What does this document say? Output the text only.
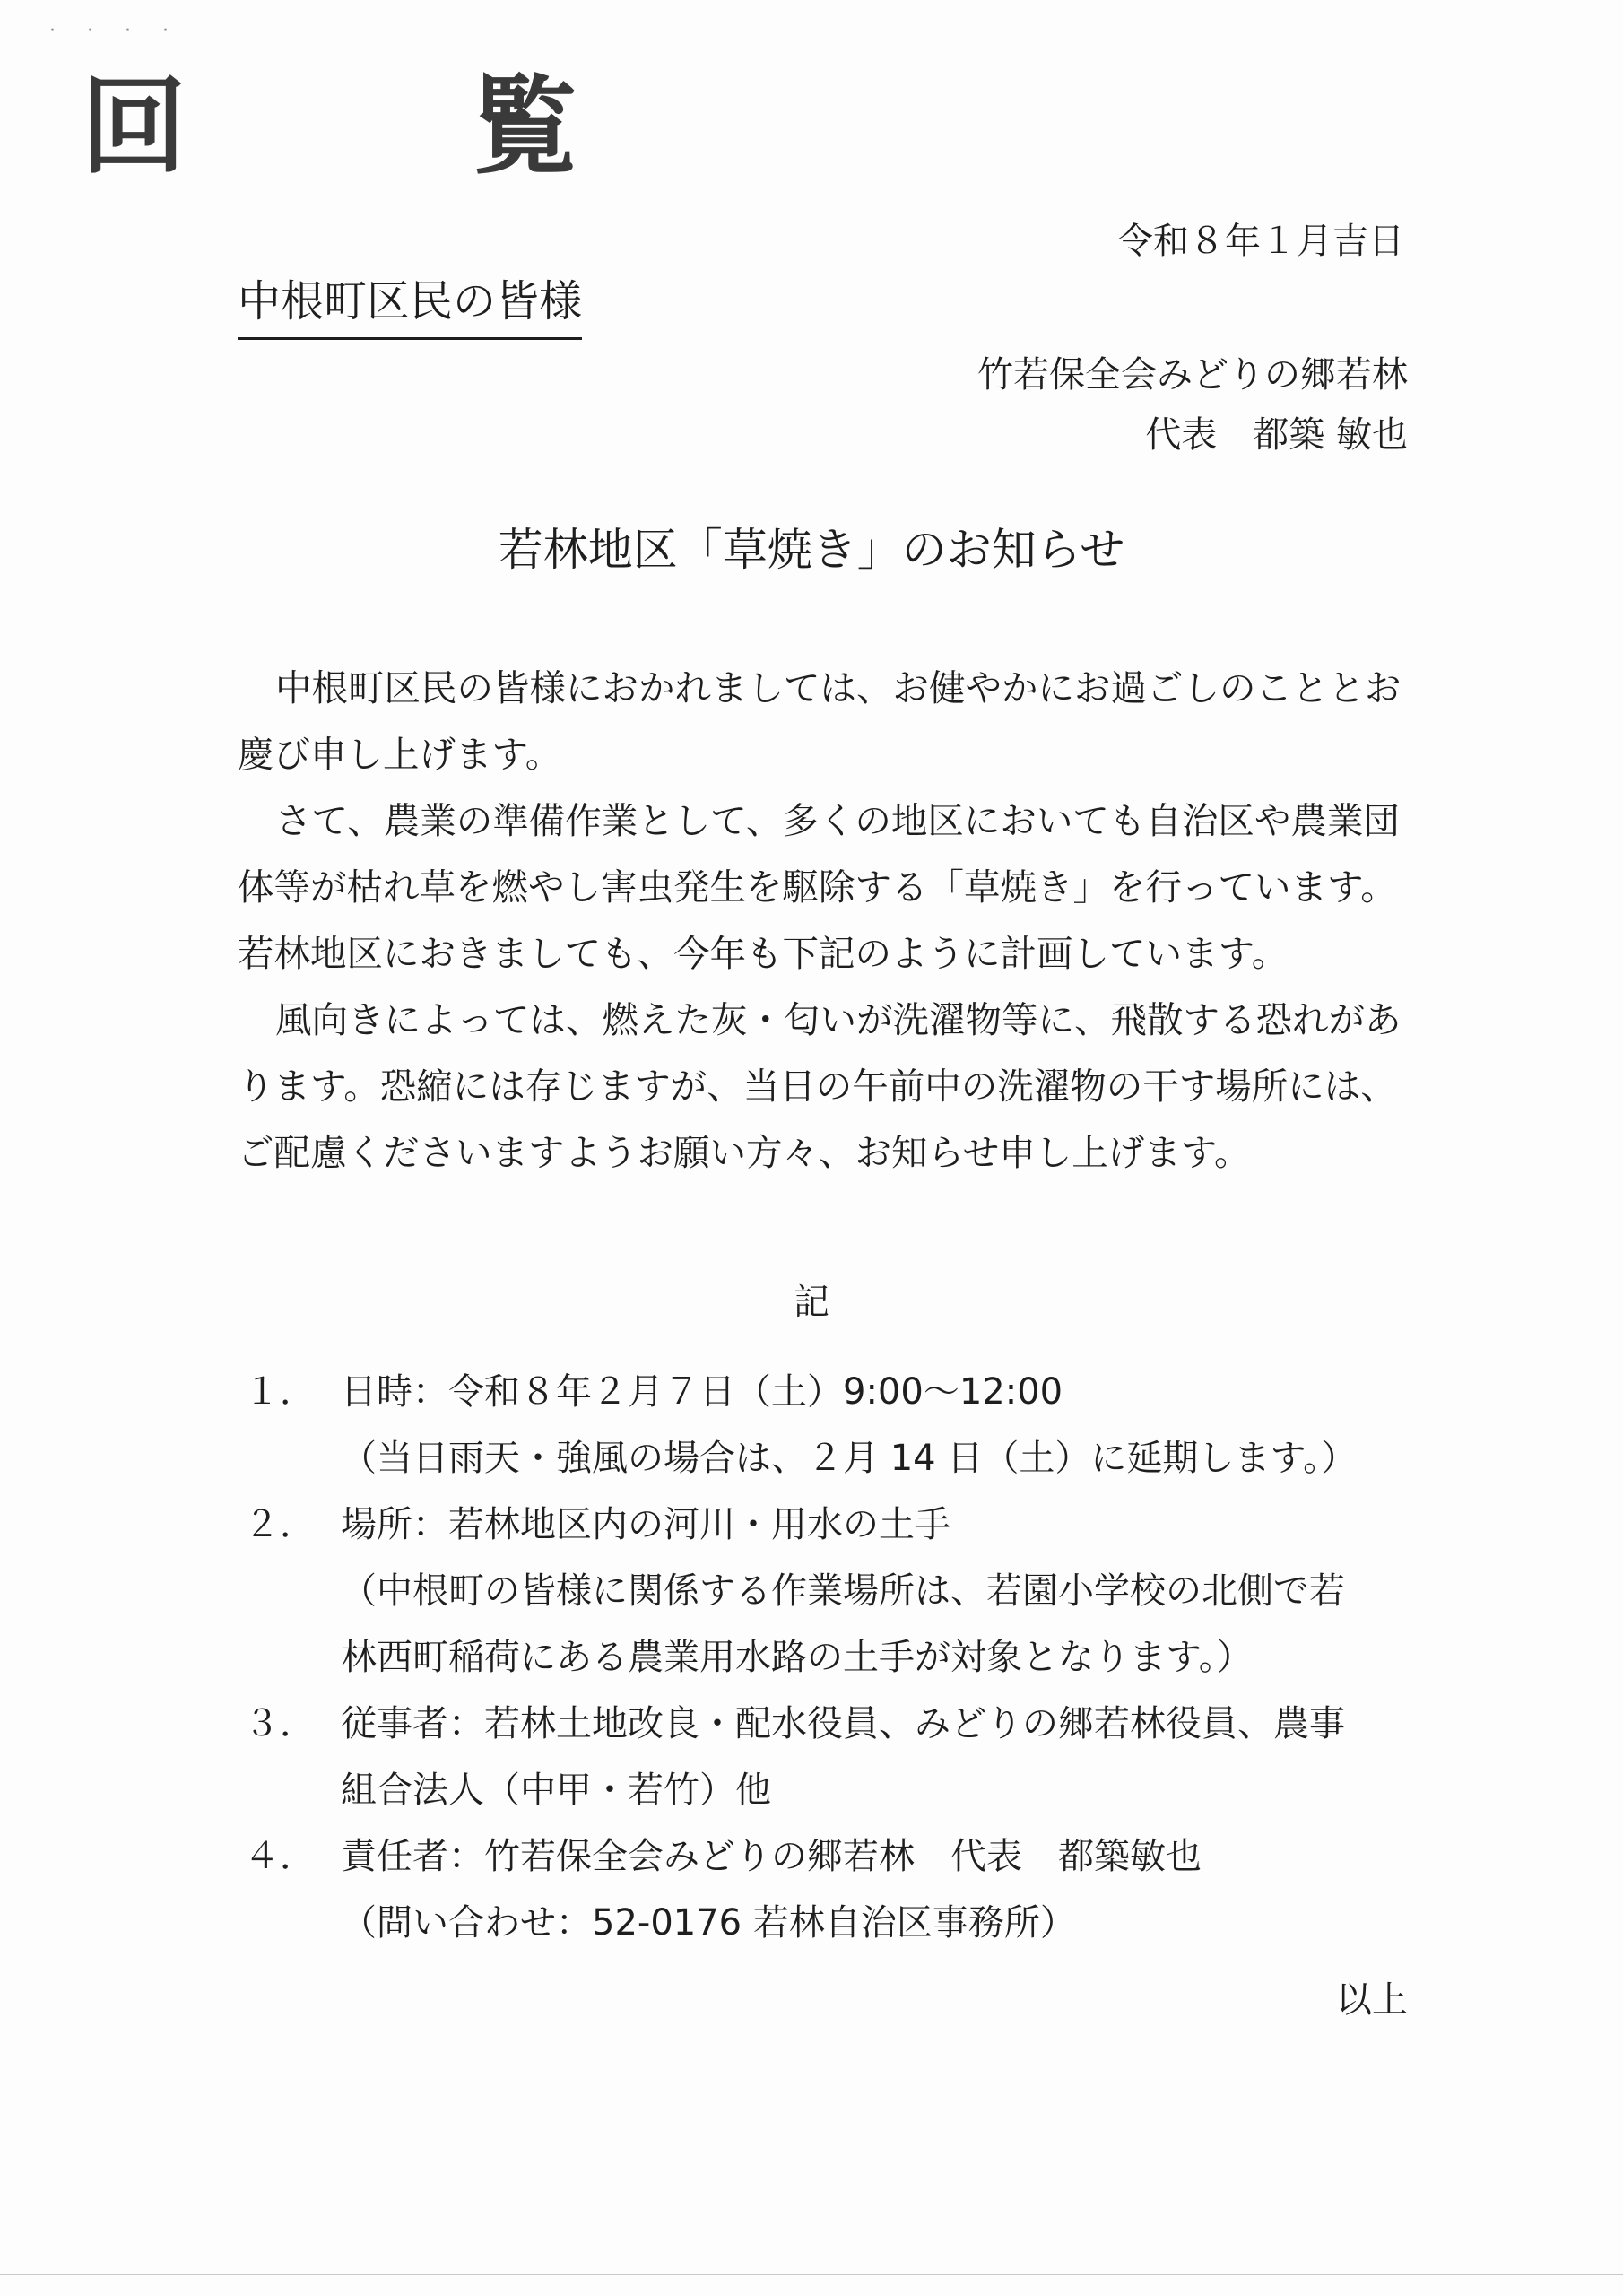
· · · ·
回　覧
令和８年１月吉日
中根町区民の皆様
竹若保全会みどりの郷若林
代表　都築 敏也
若林地区「草焼き」のお知らせ

中根町区民の皆様におかれましては、お健やかにお過ごしのこととお慶び申し上げます。

さて、農業の準備作業として、多くの地区においても自治区や農業団体等が枯れ草を燃やし害虫発生を駆除する「草焼き」を行っています。若林地区におきましても、今年も下記のように計画しています。

風向きによっては、燃えた灰・匂いが洗濯物等に、飛散する恐れがあります。恐縮には存じますが、当日の午前中の洗濯物の干す場所には、ご配慮くださいますようお願い方々、お知らせ申し上げます。

記
１． 日時：令和８年２月７日（土）9:00〜12:00
（当日雨天・強風の場合は、２月 14 日（土）に延期します。）
２． 場所：若林地区内の河川・用水の土手
（中根町の皆様に関係する作業場所は、若園小学校の北側で若
林西町稲荷にある農業用水路の土手が対象となります。）
３． 従事者：若林土地改良・配水役員、みどりの郷若林役員、農事
組合法人（中甲・若竹）他
４． 責任者：竹若保全会みどりの郷若林　代表　都築敏也
（問い合わせ：52-0176 若林自治区事務所）
以上
